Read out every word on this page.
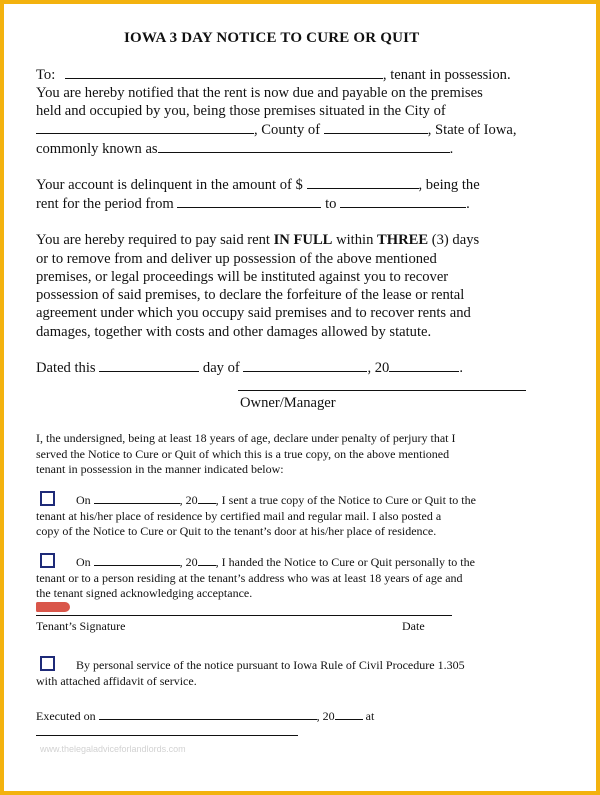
IOWA 3 DAY NOTICE TO CURE OR QUIT
To:	, tenant in possession.
You are hereby notified that the rent is now due and payable on the premises
held and occupied by you, being those premises situated in the City of
, County of	, State of Iowa,
commonly known as	.
Your account is delinquent in the amount of $	, being the
rent for the period from	to	.
You are hereby required to pay said rent IN FULL within THREE (3) days
or to remove from and deliver up possession of the above mentioned
premises, or legal proceedings will be instituted against you to recover
possession of said premises, to declare the forfeiture of the lease or rental
agreement under which you occupy said premises and to recover rents and
damages, together with costs and other damages allowed by statute.
Dated this	day of	, 20	.
Owner/Manager
I, the undersigned, being at least 18 years of age, declare under penalty of perjury that I
served the Notice to Cure or Quit of which this is a true copy, on the above mentioned
tenant in possession in the manner indicated below:
On	, 20 , I sent a true copy of the Notice to Cure or Quit to the
tenant at his/her place of residence by certified mail and regular mail. I also posted a
copy of the Notice to Cure or Quit to the tenant’s door at his/her place of residence.
On	, 20 , I handed the Notice to Cure or Quit personally to the
tenant or to a person residing at the tenant’s address who was at least 18 years of age and
the tenant signed acknowledging acceptance.
Tenant’s Signature	Date
By personal service of the notice pursuant to Iowa Rule of Civil Procedure 1.305
with attached affidavit of service.
Executed on	, 20	at
www.thelegaladviceforlandlords.com
